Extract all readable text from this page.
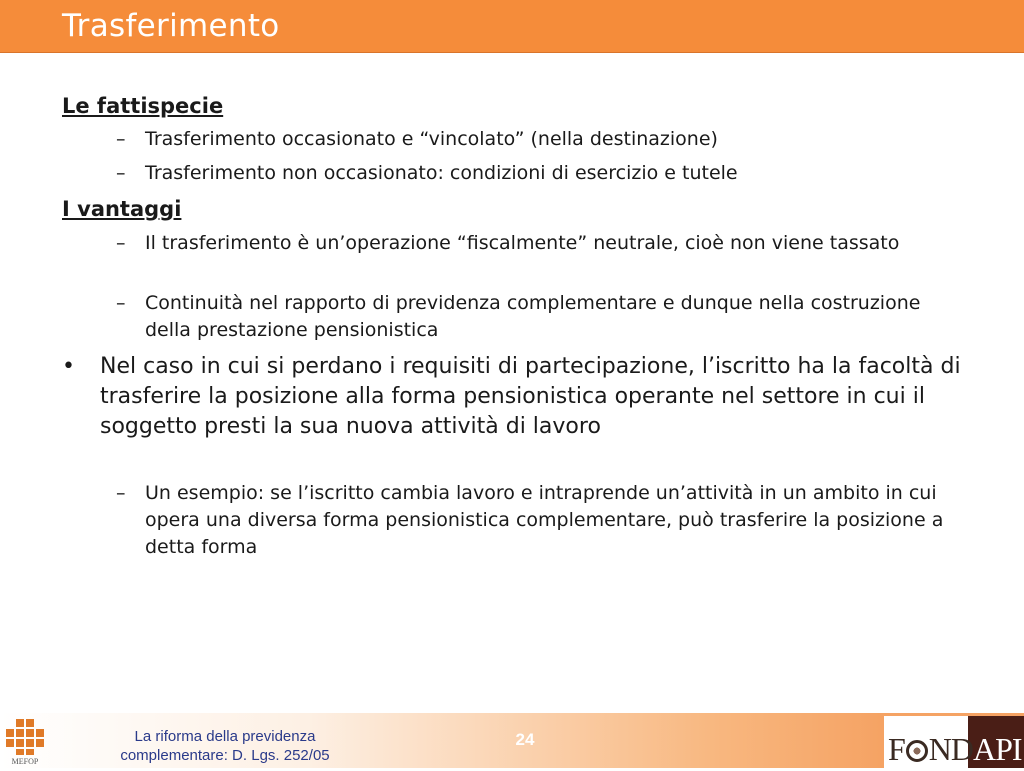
Trasferimento
Le fattispecie
– Trasferimento occasionato e “vincolato” (nella destinazione)
– Trasferimento non occasionato: condizioni di esercizio e tutele
I vantaggi
– Il trasferimento è un’operazione “fiscalmente” neutrale, cioè non viene tassato
– Continuità nel rapporto di previdenza complementare e dunque nella costruzione della prestazione pensionistica
• Nel caso in cui si perdano i requisiti di partecipazione, l’iscritto ha la facoltà di trasferire la posizione alla forma pensionistica operante nel settore in cui il soggetto presti la sua nuova attività di lavoro
– Un esempio: se l’iscritto cambia lavoro e intraprende un’attività in un ambito in cui opera una diversa forma pensionistica complementare, può trasferire la posizione a detta forma
MEFOP
La riforma della previdenza
complementare: D. Lgs. 252/05
24	F NDAPI
